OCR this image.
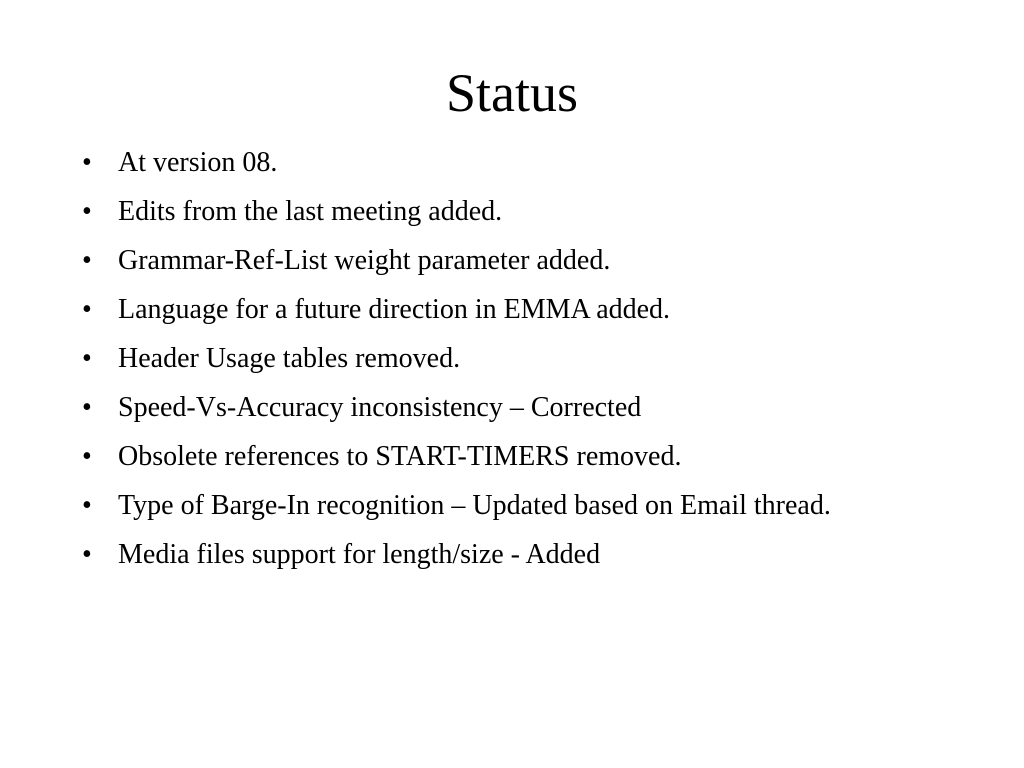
Status
• At version 08.
• Edits from the last meeting added.
• Grammar-Ref-List weight parameter added.
• Language for a future direction in EMMA added.
• Header Usage tables removed.
• Speed-Vs-Accuracy inconsistency – Corrected
• Obsolete references to START-TIMERS removed.
• Type of Barge-In recognition – Updated based on Email thread.
• Media files support for length/size - Added
